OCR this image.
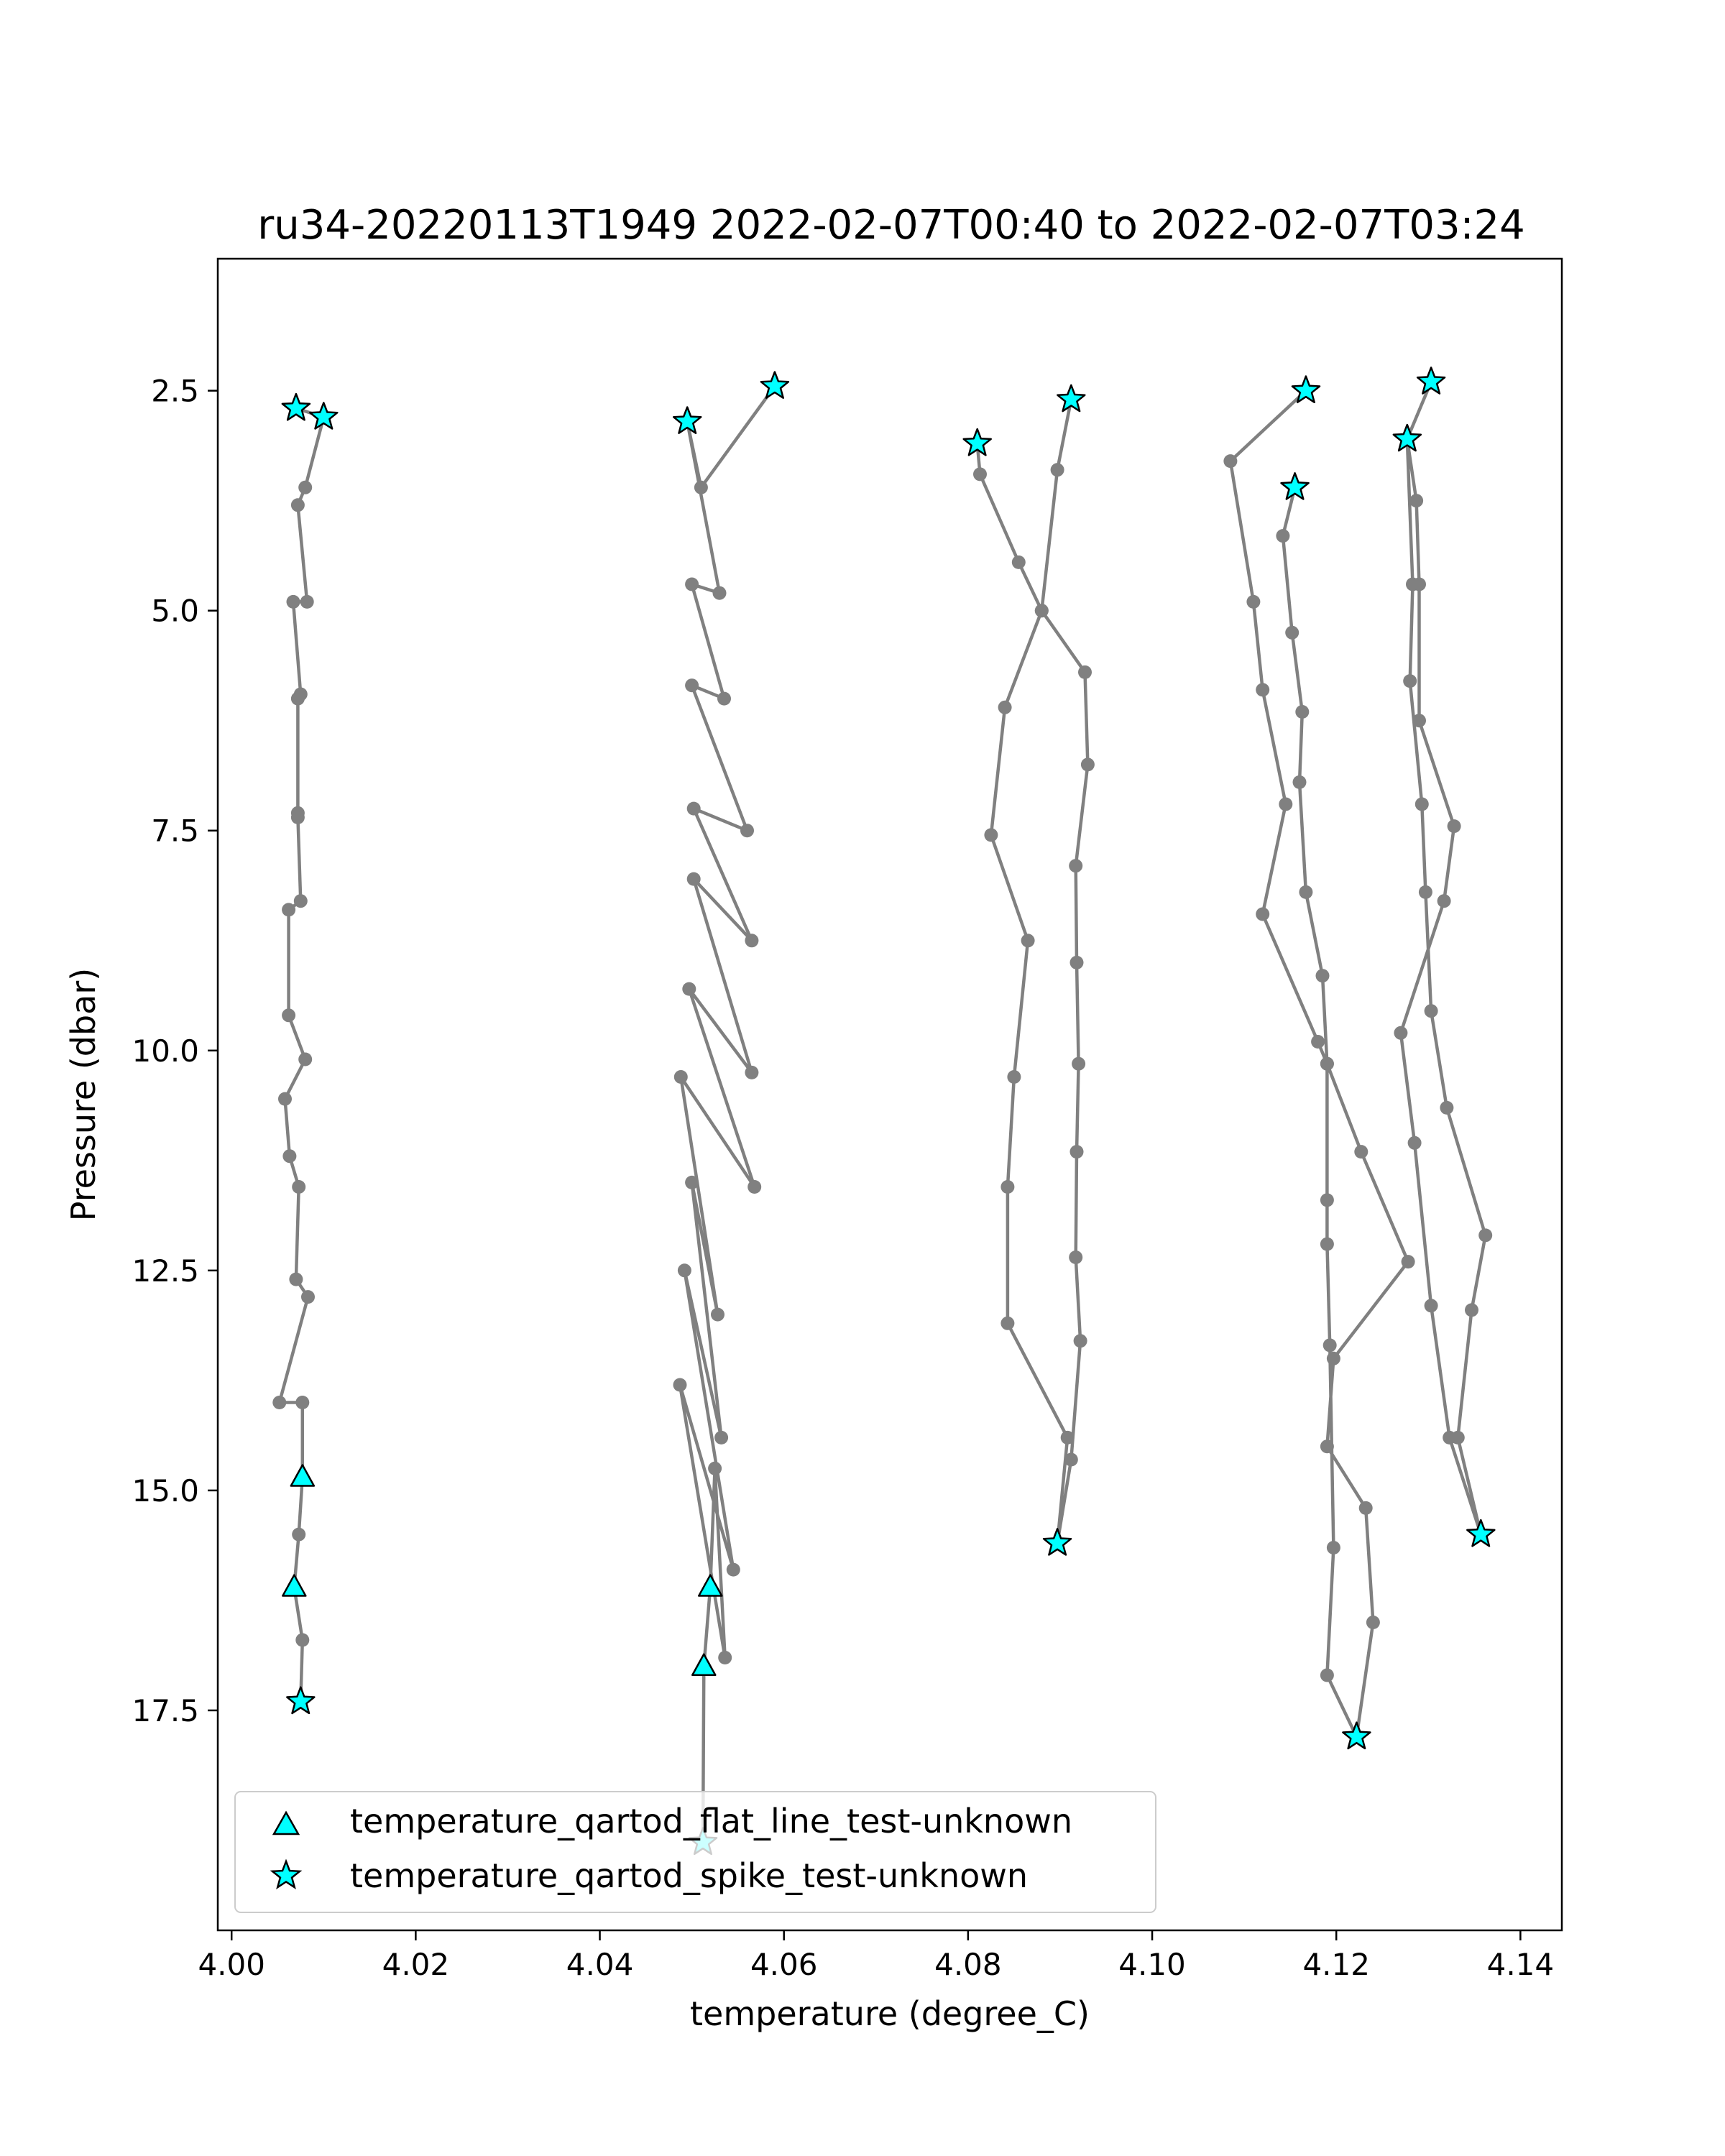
ru34-20220113T1949 2022-02-07T00:40 to 2022-02-07T03:24
4.00	4.02	4.04	4.06	4.08	4.10	4.12	4.14
2.5
5.0
7.5
10.0
12.5
15.0
17.5
temperature (degree_C)
Pressure (dbar)
temperature_qartod_flat_line_test-unknown
temperature_qartod_spike_test-unknown
